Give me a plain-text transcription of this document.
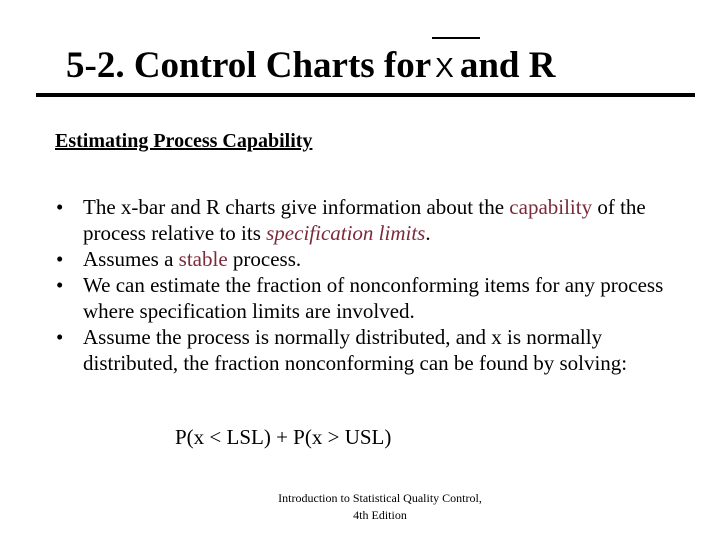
5-2. Control Charts for X and R
Estimating Process Capability
• The x-bar and R charts give information about the capability of the process relative to its specification limits.
• Assumes a stable process.
• We can estimate the fraction of nonconforming items for any process where specification limits are involved.
• Assume the process is normally distributed, and x is normally distributed, the fraction nonconforming can be found by solving:
P(x < LSL) + P(x > USL)
Introduction to Statistical Quality Control,
4th Edition
